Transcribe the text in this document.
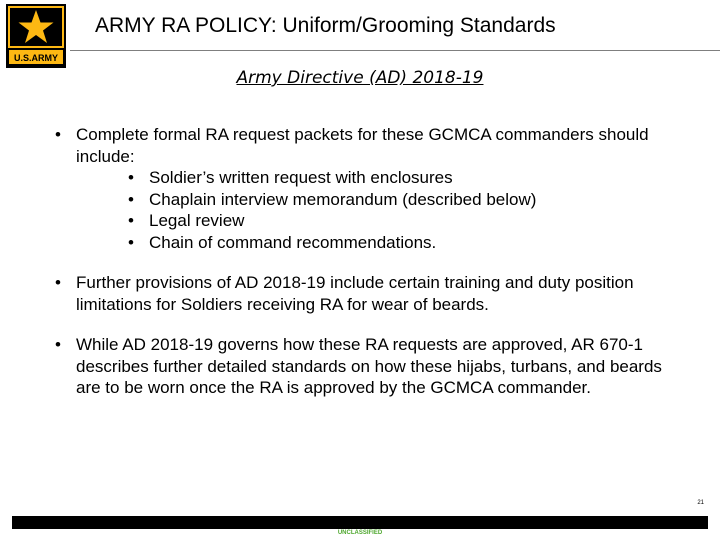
U.S.ARMY
ARMY RA POLICY: Uniform/Grooming Standards
Army Directive (AD) 2018-19
• Complete formal RA request packets for these GCMCA commanders should include:
• Soldier’s written request with enclosures
• Chaplain interview memorandum (described below)
• Legal review
• Chain of command recommendations.
• Further provisions of AD 2018-19 include certain training and duty position limitations for Soldiers receiving RA for wear of beards.
• While AD 2018-19 governs how these RA requests are approved, AR 670-1 describes further detailed standards on how these hijabs, turbans, and beards are to be worn once the RA is approved by the GCMCA commander.
21
UNCLASSIFIED
